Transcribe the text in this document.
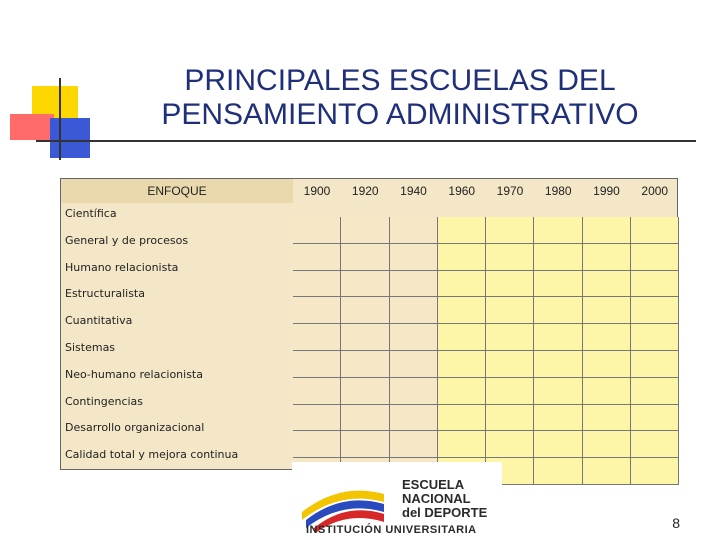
PRINCIPALES ESCUELAS DEL
PENSAMIENTO ADMINISTRATIVO
ENFOQUE	1900	1920	1940	1960	1970	1980	1990	2000
Científica
General y de procesos
Humano relacionista
Estructuralista
Cuantitativa
Sistemas
Neo-humano relacionista
Contingencias
Desarrollo organizacional
Calidad total y mejora continua
ESCUELA
NACIONAL
del DEPORTE
INSTITUCIÓN UNIVERSITARIA	8
